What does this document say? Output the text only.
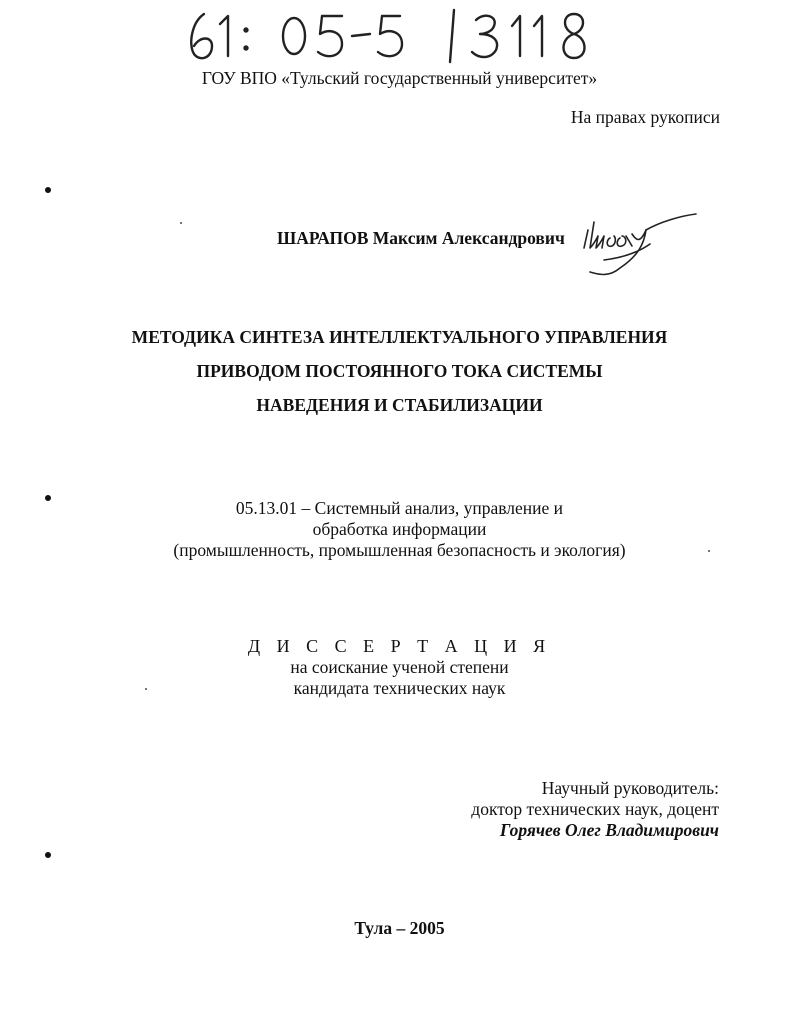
ГОУ ВПО «Тульский государственный университет»
На правах рукописи
ШАРАПОВ Максим Александрович
МЕТОДИКА СИНТЕЗА ИНТЕЛЛЕКТУАЛЬНОГО УПРАВЛЕНИЯ
ПРИВОДОМ ПОСТОЯННОГО ТОКА СИСТЕМЫ
НАВЕДЕНИЯ И СТАБИЛИЗАЦИИ
05.13.01 – Системный анализ, управление и
обработка информации
(промышленность, промышленная безопасность и экология)
Д И С С Е Р Т А Ц И Я
на соискание ученой степени
кандидата технических наук
Научный руководитель:
доктор технических наук, доцент
Горячев Олег Владимирович
Тула – 2005
